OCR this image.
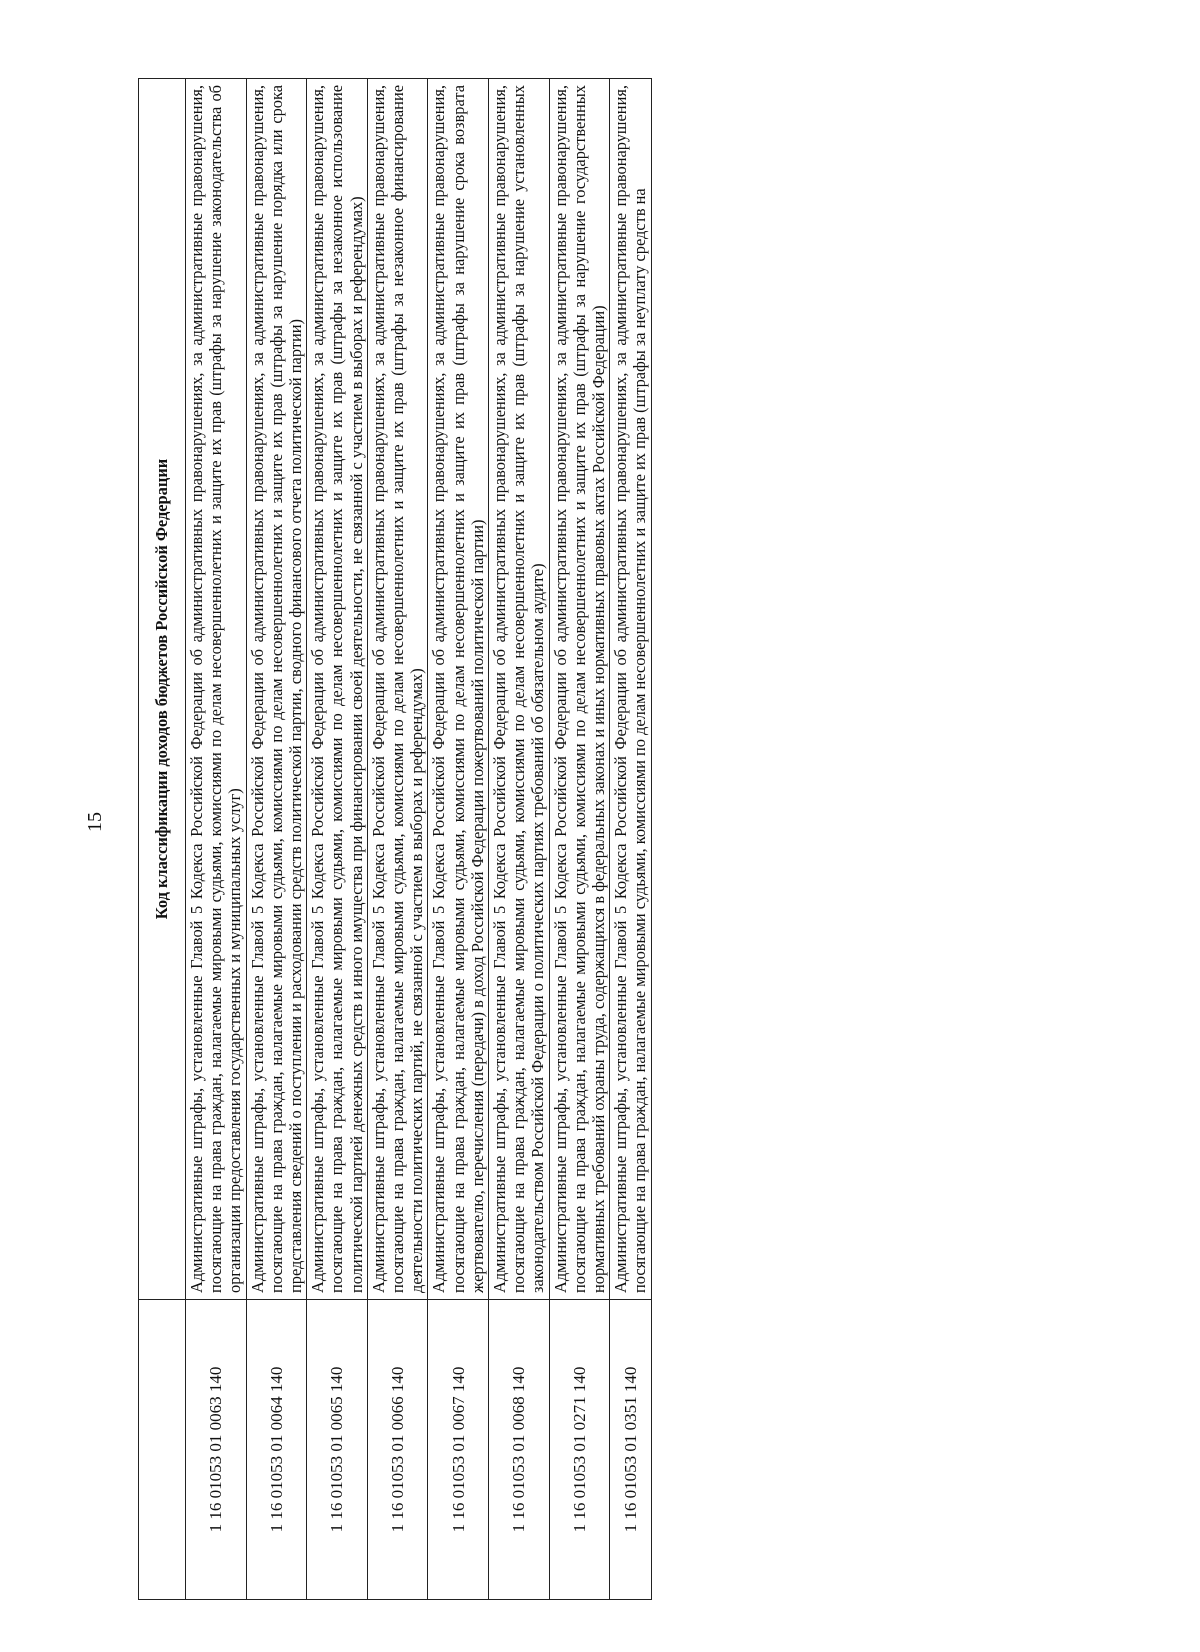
15
		Код классификации доходов бюджетов Российской Федерации
1 16 01053 01 0063 140	Административные штрафы, установленные Главой 5 Кодекса Российской Федерации об административных правонарушениях, за административные правонарушения, посягающие на права граждан, налагаемые мировыми судьями, комиссиями по делам несовершеннолетних и защите их прав (штрафы за нарушение законодательства об организации предоставления государственных и муниципальных услуг)
1 16 01053 01 0064 140	Административные штрафы, установленные Главой 5 Кодекса Российской Федерации об административных правонарушениях, за административные правонарушения, посягающие на права граждан, налагаемые мировыми судьями, комиссиями по делам несовершеннолетних и защите их прав (штрафы за нарушение порядка или срока представления сведений о поступлении и расходовании средств политической партии, сводного финансового отчета политической партии)
1 16 01053 01 0065 140	Административные штрафы, установленные Главой 5 Кодекса Российской Федерации об административных правонарушениях, за административные правонарушения, посягающие на права граждан, налагаемые мировыми судьями, комиссиями по делам несовершеннолетних и защите их прав (штрафы за незаконное использование политической партией денежных средств и иного имущества при финансировании своей деятельности, не связанной с участием в выборах и референдумах)
1 16 01053 01 0066 140	Административные штрафы, установленные Главой 5 Кодекса Российской Федерации об административных правонарушениях, за административные правонарушения, посягающие на права граждан, налагаемые мировыми судьями, комиссиями по делам несовершеннолетних и защите их прав (штрафы за незаконное финансирование деятельности политических партий, не связанной с участием в выборах и референдумах)
1 16 01053 01 0067 140	Административные штрафы, установленные Главой 5 Кодекса Российской Федерации об административных правонарушениях, за административные правонарушения, посягающие на права граждан, налагаемые мировыми судьями, комиссиями по делам несовершеннолетних и защите их прав (штрафы за нарушение срока возврата жертвователю, перечисления (передачи) в доход Российской Федерации пожертвований политической партии)
1 16 01053 01 0068 140	Административные штрафы, установленные Главой 5 Кодекса Российской Федерации об административных правонарушениях, за административные правонарушения, посягающие на права граждан, налагаемые мировыми судьями, комиссиями по делам несовершеннолетних и защите их прав (штрафы за нарушение установленных законодательством Российской Федерации о политических партиях требований об обязательном аудите)
1 16 01053 01 0271 140	Административные штрафы, установленные Главой 5 Кодекса Российской Федерации об административных правонарушениях, за административные правонарушения, посягающие на права граждан, налагаемые мировыми судьями, комиссиями по делам несовершеннолетних и защите их прав (штрафы за нарушение государственных нормативных требований охраны труда, содержащихся в федеральных законах и иных нормативных правовых актах Российской Федерации)
1 16 01053 01 0351 140	Административные штрафы, установленные Главой 5 Кодекса Российской Федерации об административных правонарушениях, за административные правонарушения, посягающие на права граждан, налагаемые мировыми судьями, комиссиями по делам несовершеннолетних и защите их прав (штрафы за неуплату средств на
